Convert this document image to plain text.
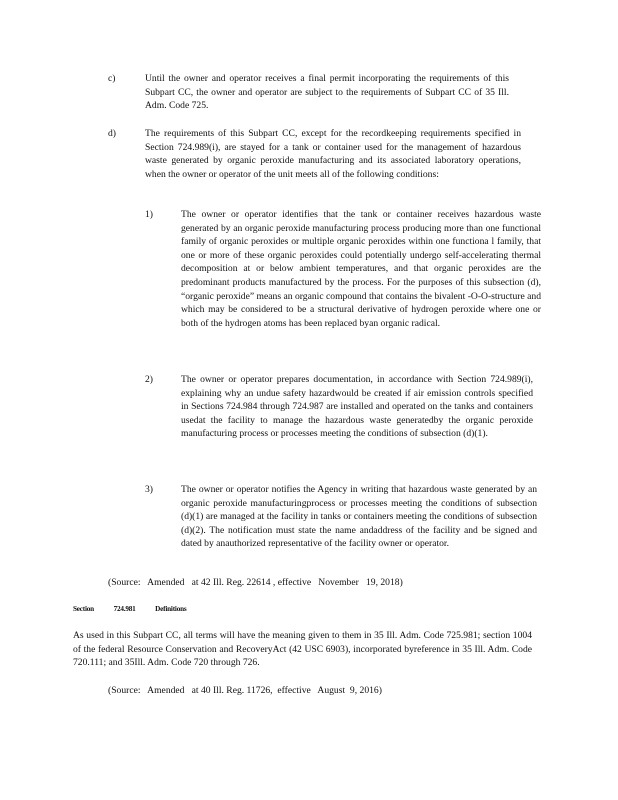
c)	Until the owner and operator receives a final permit incorporating the requirements of this Subpart CC, the owner and operator are subject to the requirements of Subpart CC of 35 Ill. Adm. Code 725.
d)	The requirements of this Subpart CC, except for the recordkeeping requirements specified in Section 724.989(i), are stayed for a tank or container used for the management of hazardous waste generated by organic peroxide manufacturing and its associated laboratory operations, when the owner or operator of the unit meets all of the following conditions:
1)	The owner or operator identifies that the tank or container receives hazardous waste generated by an organic peroxide manufacturing process producing more than one functional family of organic peroxides or multiple organic peroxides within one functiona l family, that one or more of these organic peroxides could potentially undergo self-accelerating thermal decomposition at or below ambient temperatures, and that organic peroxides are the predominant products manufactured by the process. For the purposes of this subsection (d), “organic peroxide” means an organic compound that contains the bivalent -O-O-structure and which may be considered to be a structural derivative of hydrogen peroxide where one or both of the hydrogen atoms has been replaced byan organic radical.
2)	The owner or operator prepares documentation, in accordance with Section 724.989(i), explaining why an undue safety hazardwould be created if air emission controls specified in Sections 724.984 through 724.987 are installed and operated on the tanks and containers usedat the facility to manage the hazardous waste generatedby the organic peroxide manufacturing process or processes meeting the conditions of subsection (d)(1).
3)	The owner or operator notifies the Agency in writing that hazardous waste generated by an organic peroxide manufacturingprocess or processes meeting the conditions of subsection (d)(1) are managed at the facility in tanks or containers meeting the conditions of subsection (d)(2). The notification must state the name andaddress of the facility and be signed and dated by anauthorized representative of the facility owner or operator.
(Source:   Amended   at 42 Ill. Reg. 22614 , effective   November   19, 2018)
Section	724.981	Definitions
As used in this Subpart CC, all terms will have the meaning given to them in 35 Ill. Adm. Code 725.981; section 1004 of the federal Resource Conservation and RecoveryAct (42 USC 6903), incorporated byreference in 35 Ill. Adm. Code 720.111; and 35Ill. Adm. Code 720 through 726.
(Source:   Amended   at 40 Ill. Reg. 11726,  effective   August  9, 2016)
